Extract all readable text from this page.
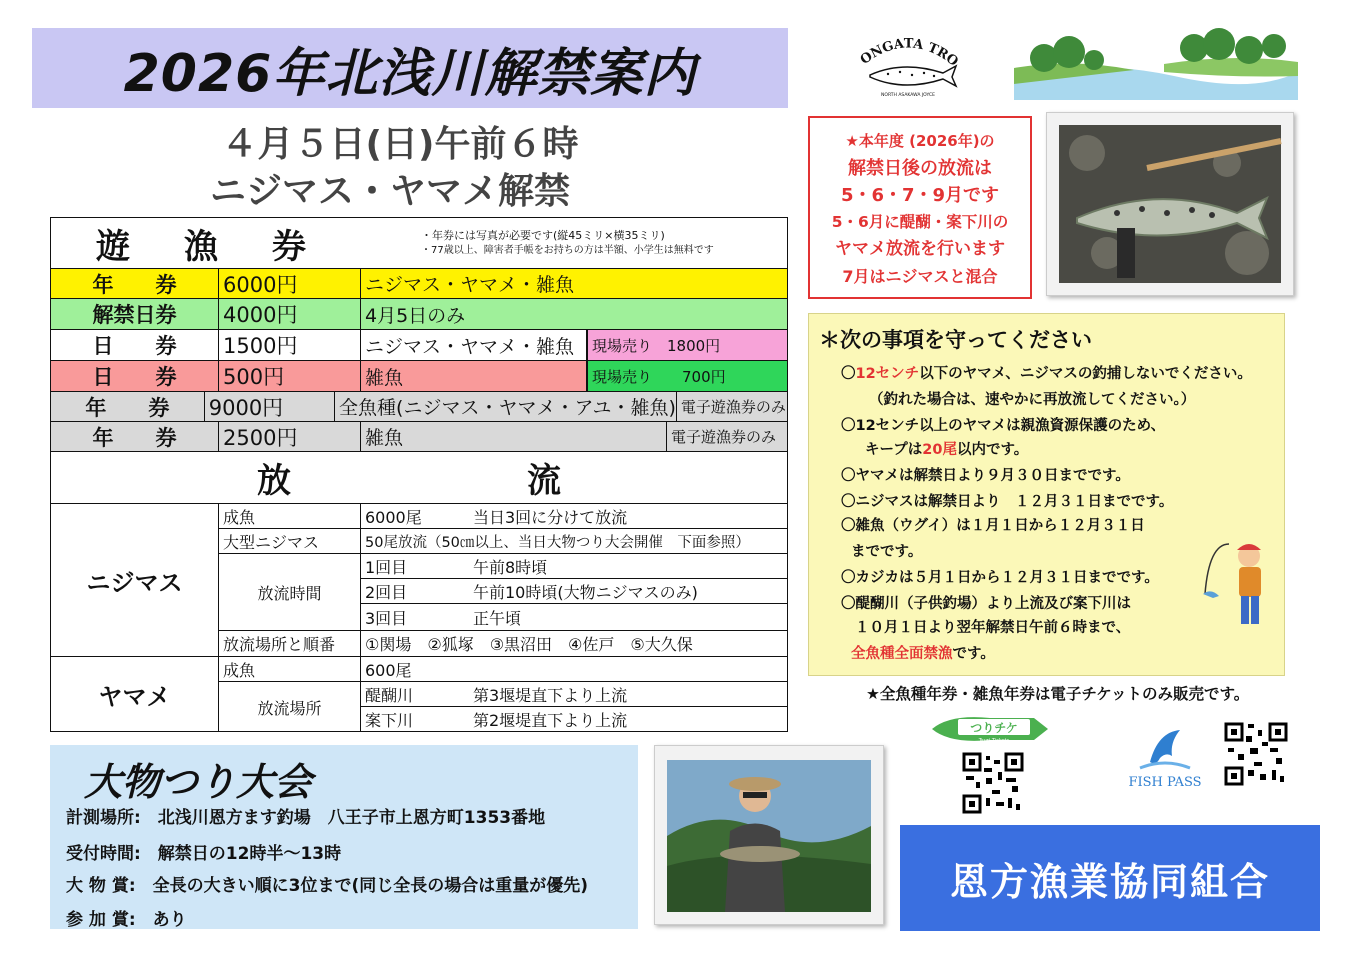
2026年北浅川解禁案内
４月５日(日)午前６時
ニジマス・ヤマメ解禁
遊　漁　券	・年券には写真が必要です(縦45ミリ×横35ミリ)
・77歳以上、障害者手帳をお持ちの方は半額、小学生は無料です
年　　券	6000円	ニジマス・ヤマメ・雑魚
解禁日券	4000円	4月5日のみ
日　　券	1500円	ニジマス・ヤマメ・雑魚	現場売り　1800円
日　　券	500円	雑魚	現場売り　　700円
年　　券	9000円	全魚種(ニジマス・ヤマメ・アユ・雑魚) 電子遊漁券のみ
年　　券	2500円	雑魚	電子遊漁券のみ
放　　　　流
ニジマス
成魚	6000尾	当日3回に分けて放流
大型ニジマス	50尾放流（50㎝以上、当日大物つり大会開催　下面参照）
放流時間
1回目	午前8時頃
2回目	午前10時頃(大物ニジマスのみ)
3回目	正午頃
放流場所と順番	①関場　②狐塚　③黒沼田　④佐戸　⑤大久保
ヤマメ
成魚	600尾
放流場所
醍醐川	第3堰堤直下より上流
案下川	第2堰堤直下より上流
大物つり大会
計測場所:　北浅川恩方ます釣場　八王子市上恩方町1353番地
受付時間:　解禁日の12時半～13時
大 物 賞:　全長の大きい順に3位まで(同じ全長の場合は重量が優先)
参 加 賞:　あり
ONGATA TRO
NORTH ASAKAWA JOYCE
★本年度 (2026年)の
解禁日後の放流は
5・6・7・9月です
5・6月に醍醐・案下川の
ヤマメ放流を行います
7月はニジマスと混合
＊次の事項を守ってください
〇12センチ以下のヤマメ、ニジマスの釣捕しないでください。
（釣れた場合は、速やかに再放流してください。）
〇12センチ以上のヤマメは親漁資源保護のため、
キープは20尾以内です。
〇ヤマメは解禁日より９月３０日までです。
〇ニジマスは解禁日より　１２月３１日までです。
〇雑魚（ウグイ）は１月１日から１２月３１日
までです。
〇カジカは５月１日から１２月３１日までです。
〇醍醐川（子供釣場）より上流及び案下川は
１０月１日より翌年解禁日午前６時まで、
全魚種全面禁漁です。
★全魚種年券・雑魚年券は電子チケットのみ販売です。
つりチケ
Tsuri Tickets
FISH PASS
恩方漁業協同組合
